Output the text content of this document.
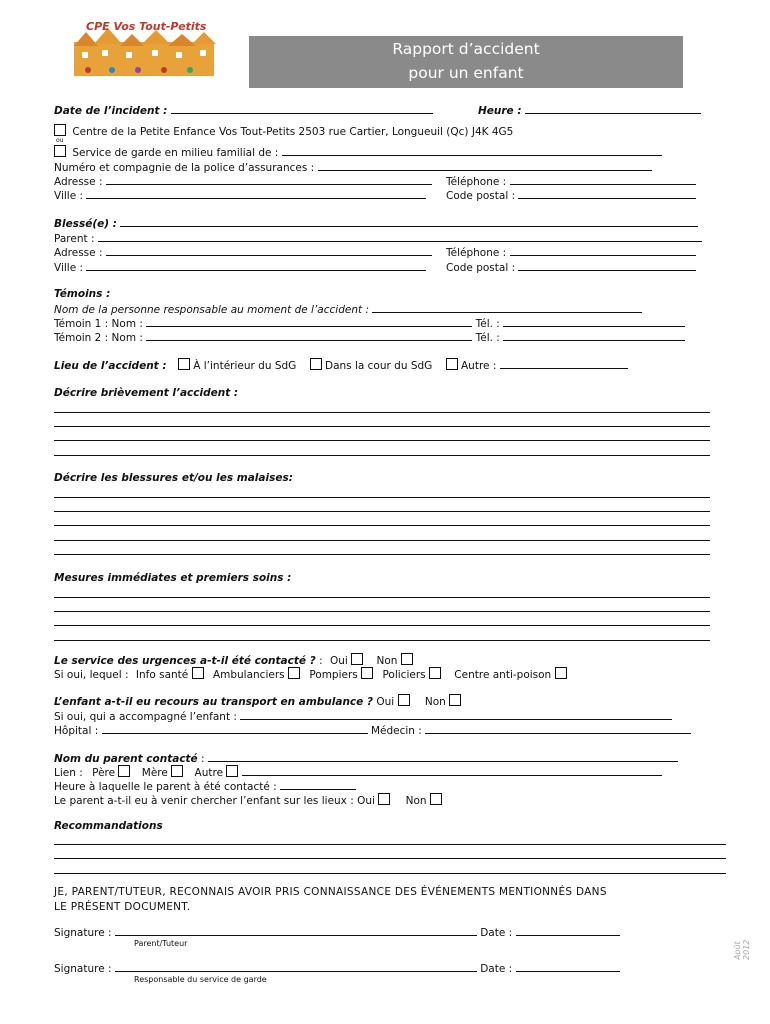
CPE Vos Tout-Petits
Rapport d’accident
pour un enfant
Date de l’incident :	Heure :
Centre de la Petite Enfance Vos Tout-Petits 2503 rue Cartier, Longueuil (Qc) J4K 4G5
ou
Service de garde en milieu familial de :
Numéro et compagnie de la police d’assurances :
Adresse :	Téléphone :
Ville :	Code postal :
Blessé(e) :
Parent :
Adresse :	Téléphone :
Ville :	Code postal :
Témoins :
Nom de la personne responsable au moment de l’accident :
Témoin 1 : Nom :	Tél. :
Témoin 2 : Nom :	Tél. :
Lieu de l’accident :	À l’intérieur du SdG	Dans la cour du SdG	Autre :
Décrire brièvement l’accident :
Décrire les blessures et/ou les malaises:
Mesures immédiates et premiers soins :
Le service des urgences a-t-il été contacté ? : Oui	Non
Si oui, lequel : Info santé Ambulanciers Pompiers Policiers	Centre anti-poison
L’enfant a-t-il eu recours au transport en ambulance ? Oui	Non
Si oui, qui a accompagné l’enfant :
Hôpital :	Médecin :
Nom du parent contacté :
Lien : Père	Mère	Autre
Heure à laquelle le parent à été contacté :
Le parent a-t-il eu à venir chercher l’enfant sur les lieux : Oui	Non
Recommandations
JE, PARENT/TUTEUR, RECONNAIS AVOIR PRIS CONNAISSANCE DES ÉVÉNEMENTS MENTIONNÉS DANS
LE PRÉSENT DOCUMENT.
Signature :	Date :
Parent/Tuteur
Signature :	Date :
Responsable du service de garde
Août 2012
